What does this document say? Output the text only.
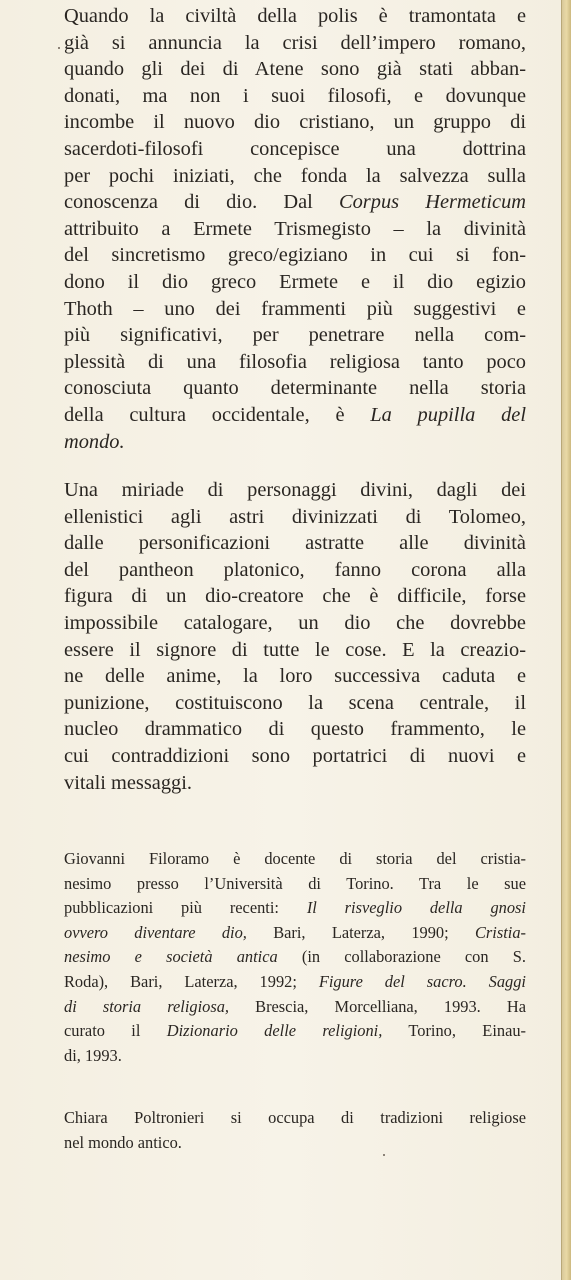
Quando la civiltà della polis è tramontata e
già si annuncia la crisi dell’impero romano,
quando gli dei di Atene sono già stati abban-
donati, ma non i suoi filosofi, e dovunque
incombe il nuovo dio cristiano, un gruppo di
sacerdoti-filosofi concepisce una dottrina
per pochi iniziati, che fonda la salvezza sulla
conoscenza di dio. Dal Corpus Hermeticum
attribuito a Ermete Trismegisto – la divinità
del sincretismo greco/egiziano in cui si fon-
dono il dio greco Ermete e il dio egizio
Thoth – uno dei frammenti più suggestivi e
più significativi, per penetrare nella com-
plessità di una filosofia religiosa tanto poco
conosciuta quanto determinante nella storia
della cultura occidentale, è La pupilla del
mondo.

Una miriade di personaggi divini, dagli dei
ellenistici agli astri divinizzati di Tolomeo,
dalle personificazioni astratte alle divinità
del pantheon platonico, fanno corona alla
figura di un dio-creatore che è difficile, forse
impossibile catalogare, un dio che dovrebbe
essere il signore di tutte le cose. E la creazio-
ne delle anime, la loro successiva caduta e
punizione, costituiscono la scena centrale, il
nucleo drammatico di questo frammento, le
cui contraddizioni sono portatrici di nuovi e
vitali messaggi.

Giovanni Filoramo è docente di storia del cristia-
nesimo presso l’Università di Torino. Tra le sue
pubblicazioni più recenti: Il risveglio della gnosi
ovvero diventare dio, Bari, Laterza, 1990; Cristia-
nesimo e società antica (in collaborazione con S.
Roda), Bari, Laterza, 1992; Figure del sacro. Saggi
di storia religiosa, Brescia, Morcelliana, 1993. Ha
curato il Dizionario delle religioni, Torino, Einau-
di, 1993.

Chiara Poltronieri si occupa di tradizioni religiose
nel mondo antico.
